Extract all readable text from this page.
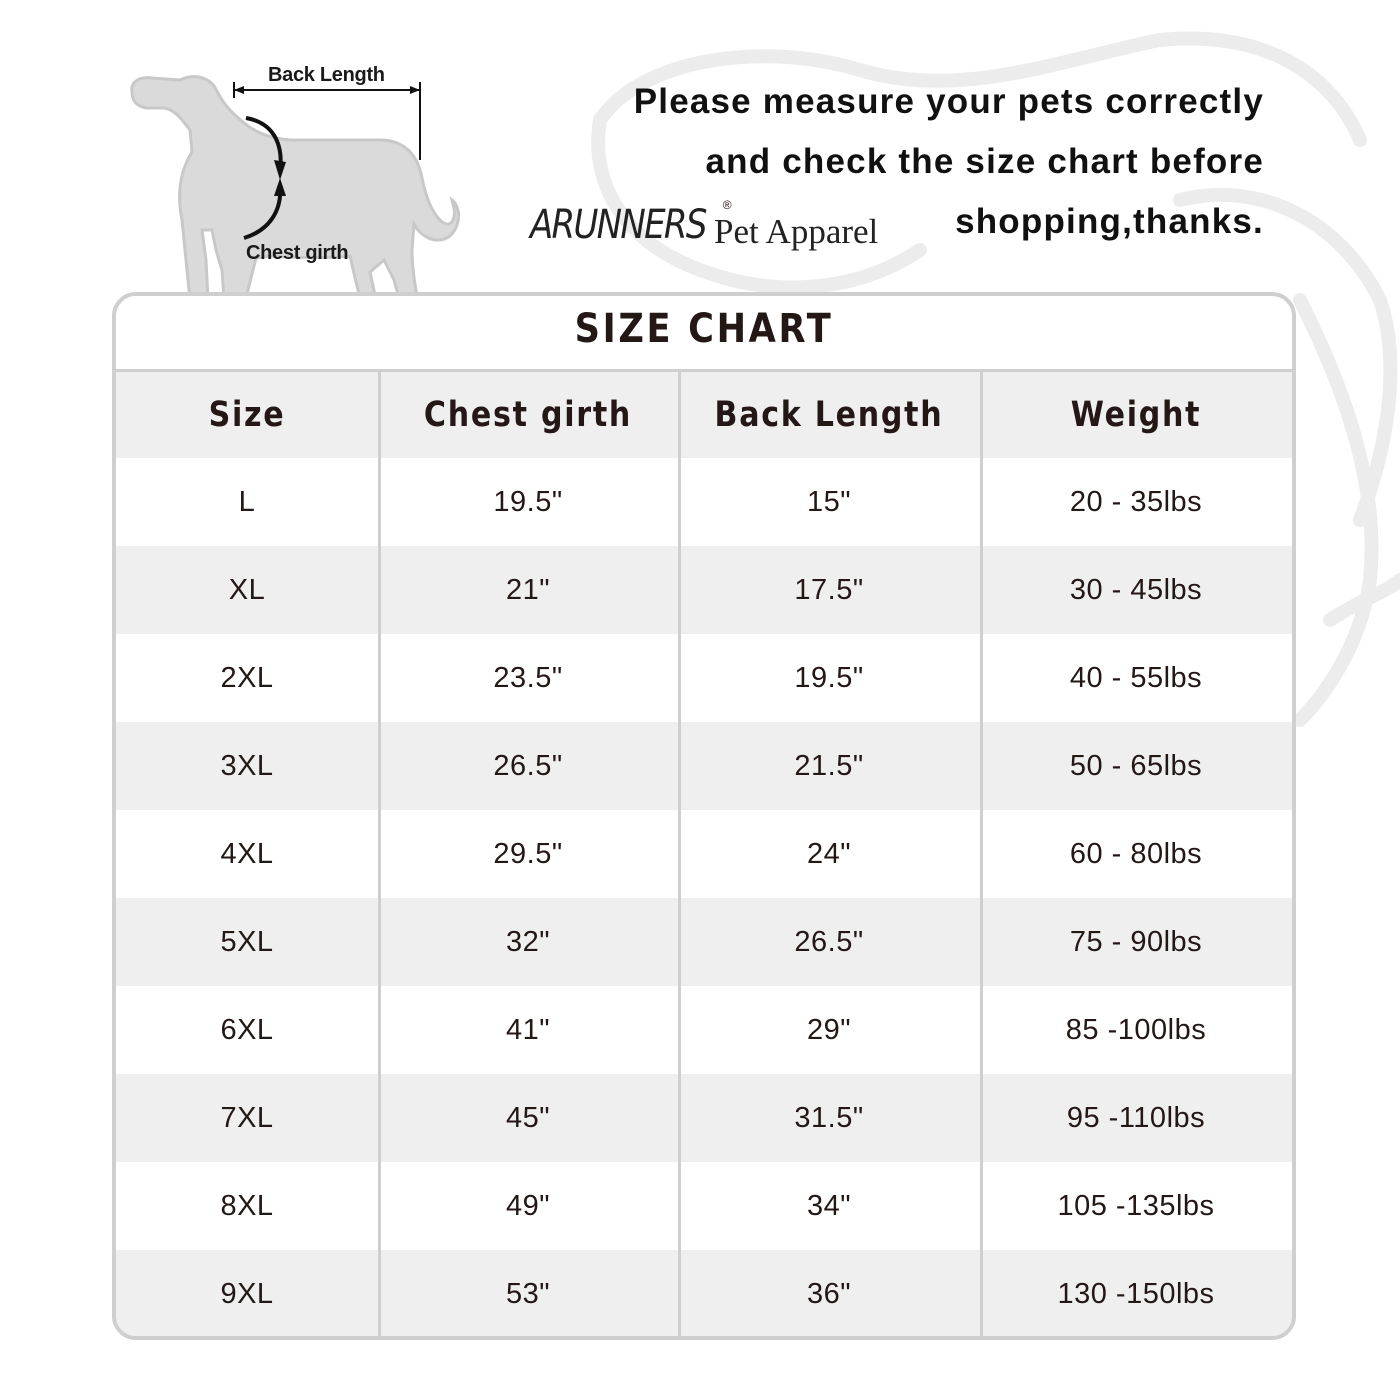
Back Length
Chest girth
Please measure your pets correctly
and check the size chart before
shopping,thanks.
ARUNNERS ®
Pet Apparel
SIZE CHART
Size	Chest girth	Back Length	Weight
L	19.5"	15"	20 - 35lbs
XL	21"	17.5"	30 - 45lbs
2XL	23.5"	19.5"	40 - 55lbs
3XL	26.5"	21.5"	50 - 65lbs
4XL	29.5"	24"	60 - 80lbs
5XL	32"	26.5"	75 - 90lbs
6XL	41"	29"	85 -100lbs
7XL	45"	31.5"	95 -110lbs
8XL	49"	34"	105 -135lbs
9XL	53"	36"	130 -150lbs
